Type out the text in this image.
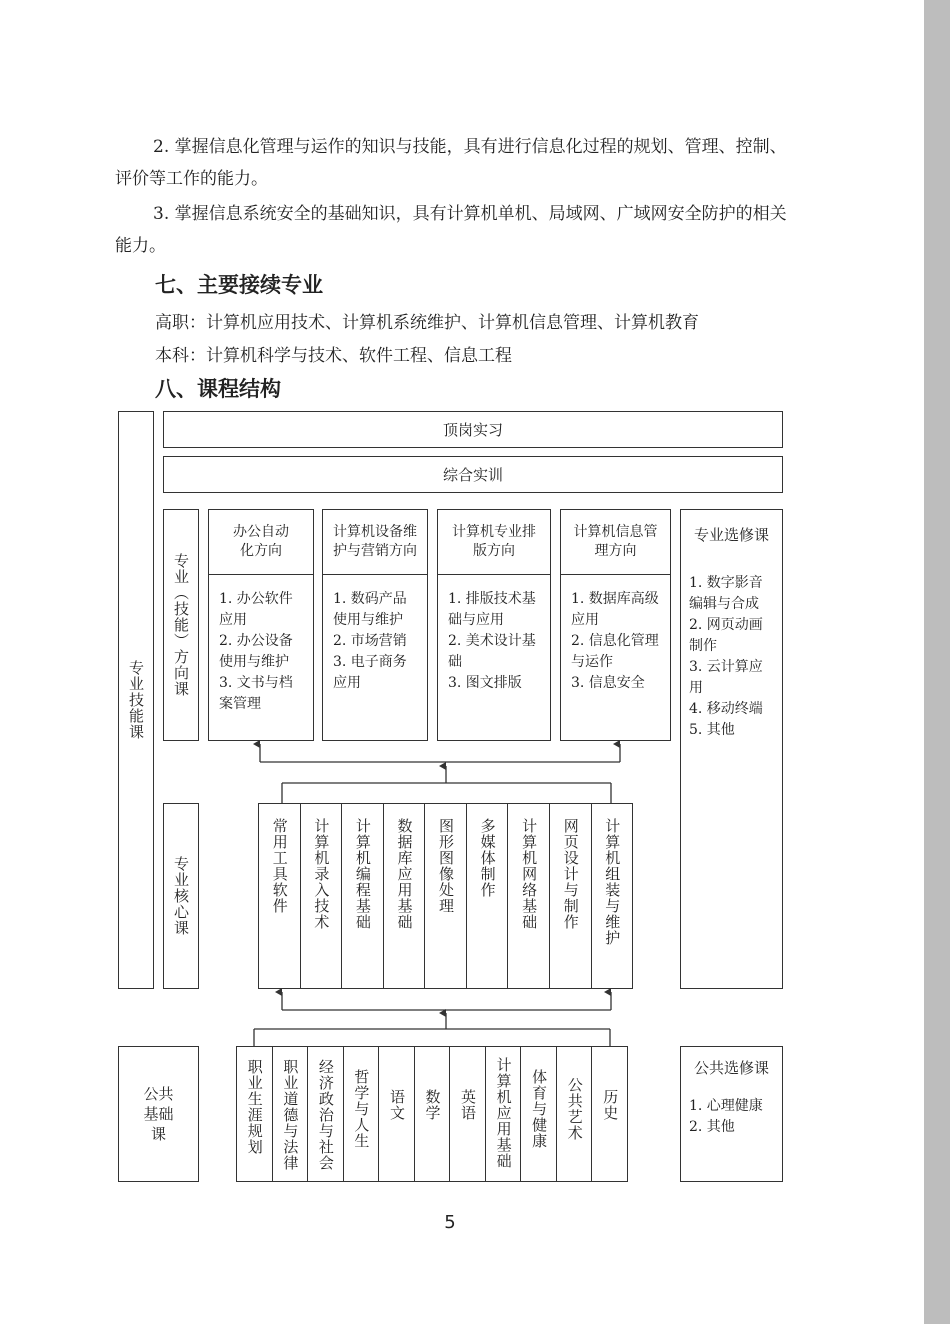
2. 掌握信息化管理与运作的知识与技能，具有进行信息化过程的规划、管理、控制、评价等工作的能力。

3. 掌握信息系统安全的基础知识，具有计算机单机、局域网、广域网安全防护的相关能力。

七、主要接续专业

高职：计算机应用技术、计算机系统维护、计算机信息管理、计算机教育

本科：计算机科学与技术、软件工程、信息工程

八、课程结构
专业技能课
顶岗实习
综合实训
专业（技能）方向课
办公自动化方向
1. 办公软件应用
2. 办公设备使用与维护
3. 文书与档案管理
计算机设备维护与营销方向
1. 数码产品使用与维护
2. 市场营销
3. 电子商务应用
计算机专业排版方向
1. 排版技术基础与应用
2. 美术设计基础
3. 图文排版
计算机信息管理方向
1. 数据库高级应用
2. 信息化管理与运作
3. 信息安全
专业选修课
1. 数字影音编辑与合成
2. 网页动画制作
3. 云计算应用
4. 移动终端
5. 其他
专业核心课	常用工具软件 计算机录入技术 计算机编程基础 数据库应用基础 图形图像处理 多媒体制作 计算机网络基础 网页设计与制作 计算机组装与维护
公共基础课	职业生涯规划 职业道德与法律 经济政治与社会 哲学与人生 语文 数学 英语 计算机应用基础 体育与健康 公共艺术 历史
公共选修课
1. 心理健康
2. 其他
5
